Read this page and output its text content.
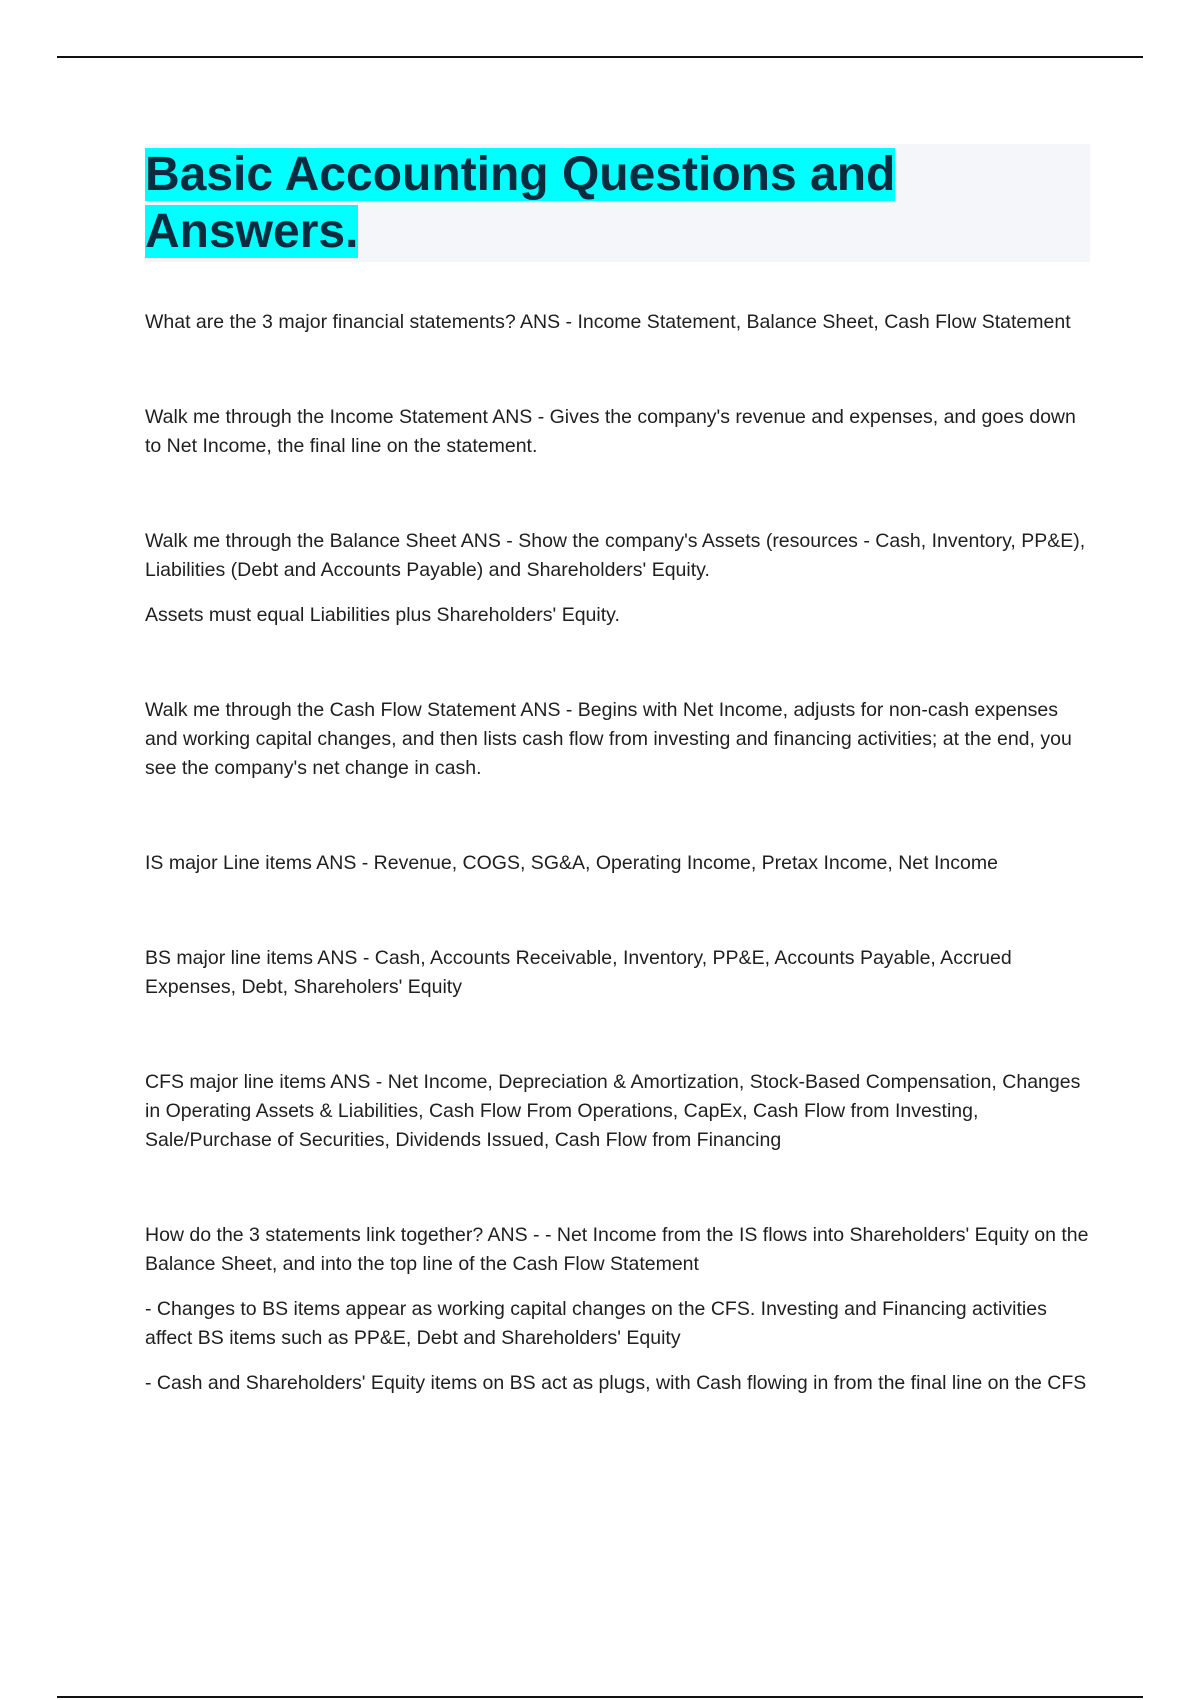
Basic Accounting Questions and Answers.

What are the 3 major financial statements? ANS - Income Statement, Balance Sheet, Cash Flow Statement

Walk me through the Income Statement ANS - Gives the company's revenue and expenses, and goes down to Net Income, the final line on the statement.

Walk me through the Balance Sheet ANS - Show the company's Assets (resources - Cash, Inventory, PP&E), Liabilities (Debt and Accounts Payable) and Shareholders' Equity.

Assets must equal Liabilities plus Shareholders' Equity.

Walk me through the Cash Flow Statement ANS - Begins with Net Income, adjusts for non-cash expenses and working capital changes, and then lists cash flow from investing and financing activities; at the end, you see the company's net change in cash.

IS major Line items ANS - Revenue, COGS, SG&A, Operating Income, Pretax Income, Net Income

BS major line items ANS - Cash, Accounts Receivable, Inventory, PP&E, Accounts Payable, Accrued Expenses, Debt, Shareholers' Equity

CFS major line items ANS - Net Income, Depreciation & Amortization, Stock-Based Compensation, Changes in Operating Assets & Liabilities, Cash Flow From Operations, CapEx, Cash Flow from Investing, Sale/Purchase of Securities, Dividends Issued, Cash Flow from Financing

How do the 3 statements link together? ANS - - Net Income from the IS flows into Shareholders' Equity on the Balance Sheet, and into the top line of the Cash Flow Statement

- Changes to BS items appear as working capital changes on the CFS. Investing and Financing activities affect BS items such as PP&E, Debt and Shareholders' Equity

- Cash and Shareholders' Equity items on BS act as plugs, with Cash flowing in from the final line on the CFS
